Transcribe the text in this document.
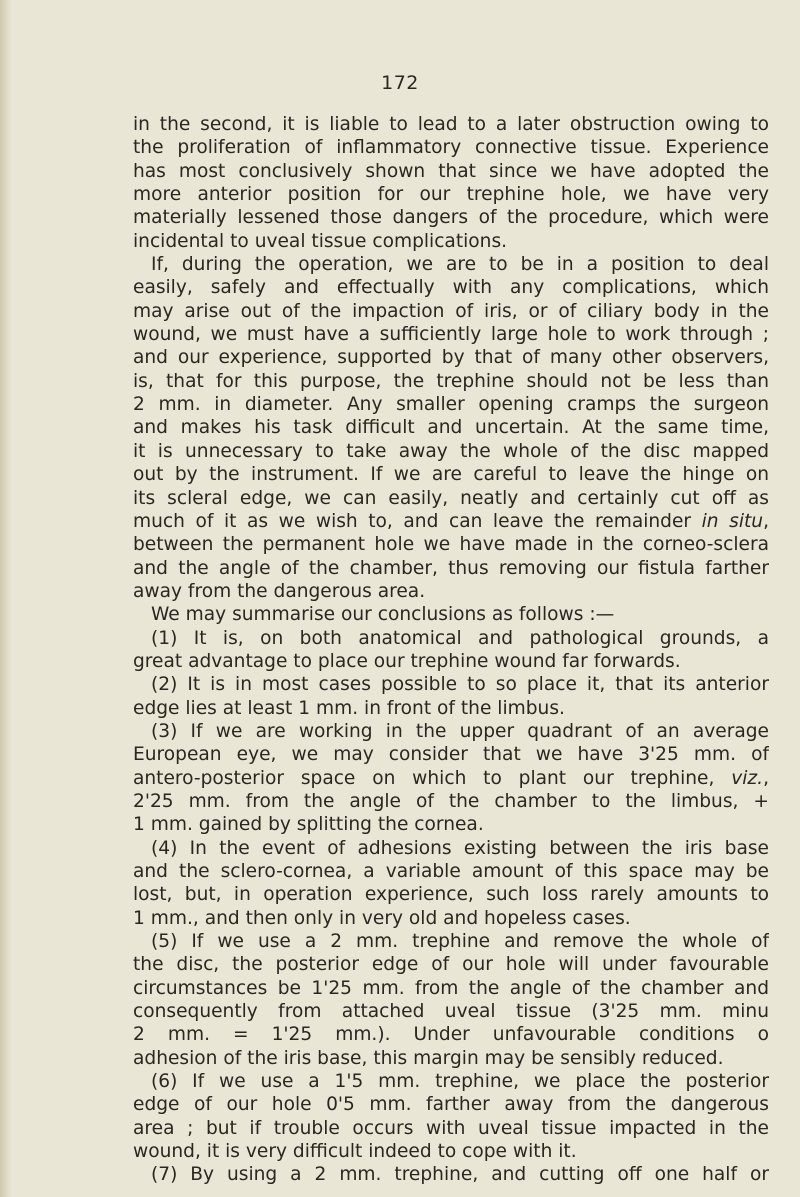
172
in the second, it is liable to lead to a later obstruction owing to
the proliferation of inflammatory connective tissue. Experience
has most conclusively shown that since we have adopted the
more anterior position for our trephine hole, we have very
materially lessened those dangers of the procedure, which were
incidental to uveal tissue complications.
If, during the operation, we are to be in a position to deal
easily, safely and effectually with any complications, which
may arise out of the impaction of iris, or of ciliary body in the
wound, we must have a sufficiently large hole to work through ;
and our experience, supported by that of many other observers,
is, that for this purpose, the trephine should not be less than
2 mm. in diameter. Any smaller opening cramps the surgeon
and makes his task difficult and uncertain. At the same time,
it is unnecessary to take away the whole of the disc mapped
out by the instrument. If we are careful to leave the hinge on
its scleral edge, we can easily, neatly and certainly cut off as
much of it as we wish to, and can leave the remainder in situ,
between the permanent hole we have made in the corneo-sclera
and the angle of the chamber, thus removing our fistula farther
away from the dangerous area.
We may summarise our conclusions as follows :—
(1) It is, on both anatomical and pathological grounds, a
great advantage to place our trephine wound far forwards.
(2) It is in most cases possible to so place it, that its anterior
edge lies at least 1 mm. in front of the limbus.
(3) If we are working in the upper quadrant of an average
European eye, we may consider that we have 3'25 mm. of
antero-posterior space on which to plant our trephine, viz.,
2'25 mm. from the angle of the chamber to the limbus, +
1 mm. gained by splitting the cornea.
(4) In the event of adhesions existing between the iris base
and the sclero-cornea, a variable amount of this space may be
lost, but, in operation experience, such loss rarely amounts to
1 mm., and then only in very old and hopeless cases.
(5) If we use a 2 mm. trephine and remove the whole of
the disc, the posterior edge of our hole will under favourable
circumstances be 1'25 mm. from the angle of the chamber and
consequently from attached uveal tissue (3'25 mm. minu
2 mm. = 1'25 mm.). Under unfavourable conditions o
adhesion of the iris base, this margin may be sensibly reduced.
(6) If we use a 1'5 mm. trephine, we place the posterior
edge of our hole 0'5 mm. farther away from the dangerous
area ; but if trouble occurs with uveal tissue impacted in the
wound, it is very difficult indeed to cope with it.
(7) By using a 2 mm. trephine, and cutting off one half or
